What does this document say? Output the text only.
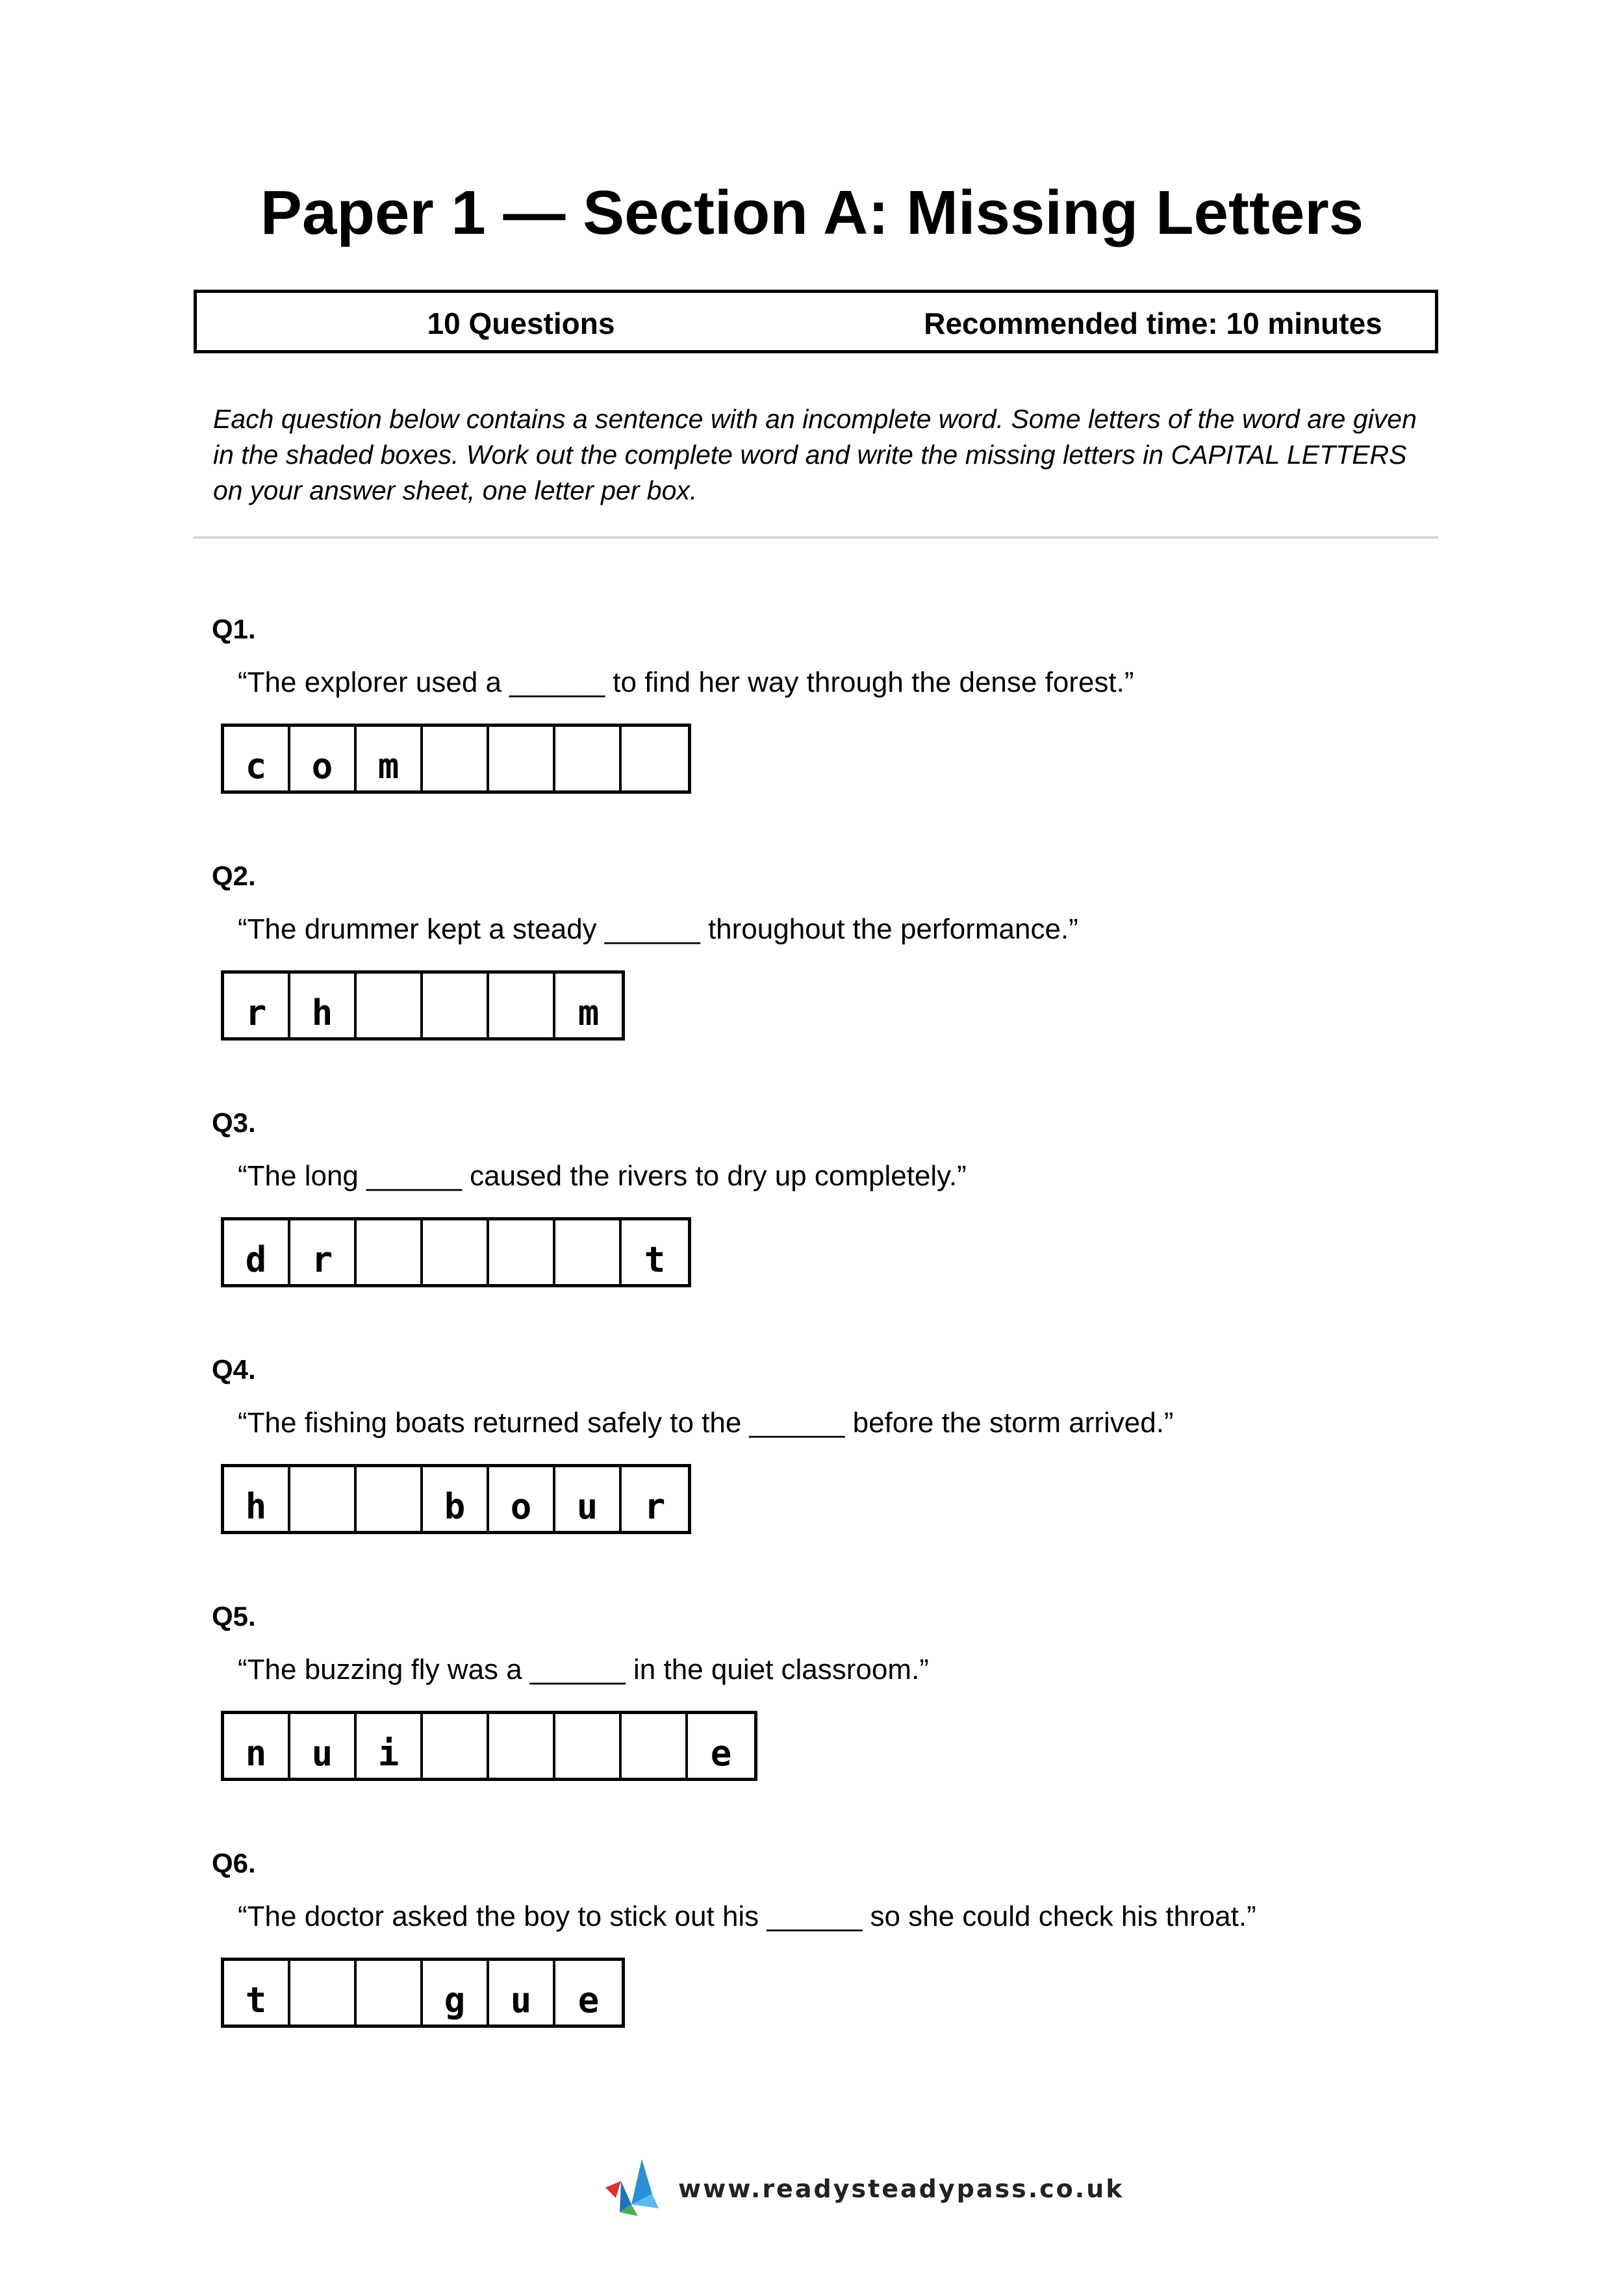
Paper 1 — Section A: Missing Letters
10 Questions	Recommended time: 10 minutes

Each question below contains a sentence with an incomplete word. Some letters of the word are given in the shaded boxes. Work out the complete word and write the missing letters in CAPITAL LETTERS on your answer sheet, one letter per box.

Q1.
“The explorer used a ______ to find her way through the dense forest.”
c	o	m
Q2.
“The drummer kept a steady ______ throughout the performance.”
r	h	m
Q3.
“The long ______ caused the rivers to dry up completely.”
d	r	t
Q4.
“The fishing boats returned safely to the ______ before the storm arrived.”
h	b	o	u	r
Q5.
“The buzzing fly was a ______ in the quiet classroom.”
n	u	i	e
Q6.
“The doctor asked the boy to stick out his ______ so she could check his throat.”
t	g	u	e
www.readysteadypass.co.uk
